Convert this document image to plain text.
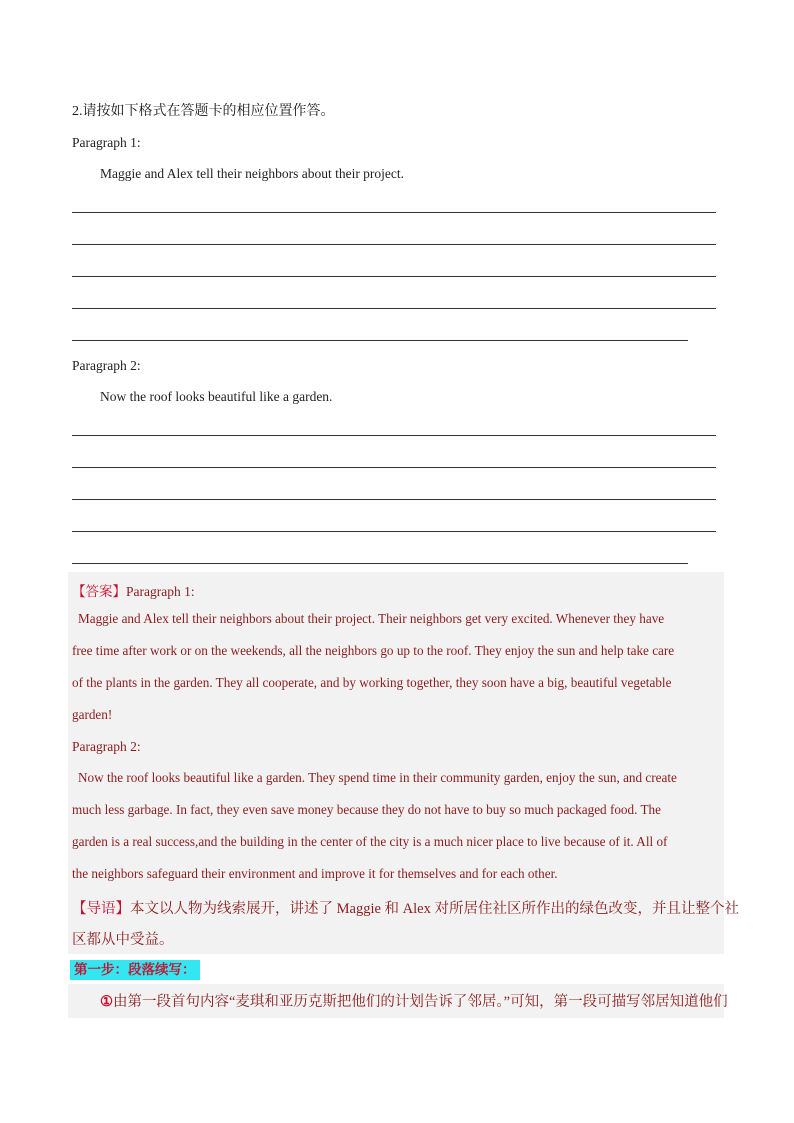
2.请按如下格式在答题卡的相应位置作答。
Paragraph 1:
Maggie and Alex tell their neighbors about their project.
Paragraph 2:
Now the roof looks beautiful like a garden.
【答案】Paragraph 1:
Maggie and Alex tell their neighbors about their project. Their neighbors get very excited. Whenever they have
free time after work or on the weekends, all the neighbors go up to the roof. They enjoy the sun and help take care
of the plants in the garden. They all cooperate, and by working together, they soon have a big, beautiful vegetable
garden!
Paragraph 2:
Now the roof looks beautiful like a garden. They spend time in their community garden, enjoy the sun, and create
much less garbage. In fact, they even save money because they do not have to buy so much packaged food. The
garden is a real success,and the building in the center of the city is a much nicer place to live because of it. All of
the neighbors safeguard their environment and improve it for themselves and for each other.
【导语】本文以人物为线索展开，讲述了 Maggie 和 Alex 对所居住社区所作出的绿色改变，并且让整个社
区都从中受益。
第一步：段落续写：
①由第一段首句内容“麦琪和亚历克斯把他们的计划告诉了邻居。”可知，第一段可描写邻居知道他们
